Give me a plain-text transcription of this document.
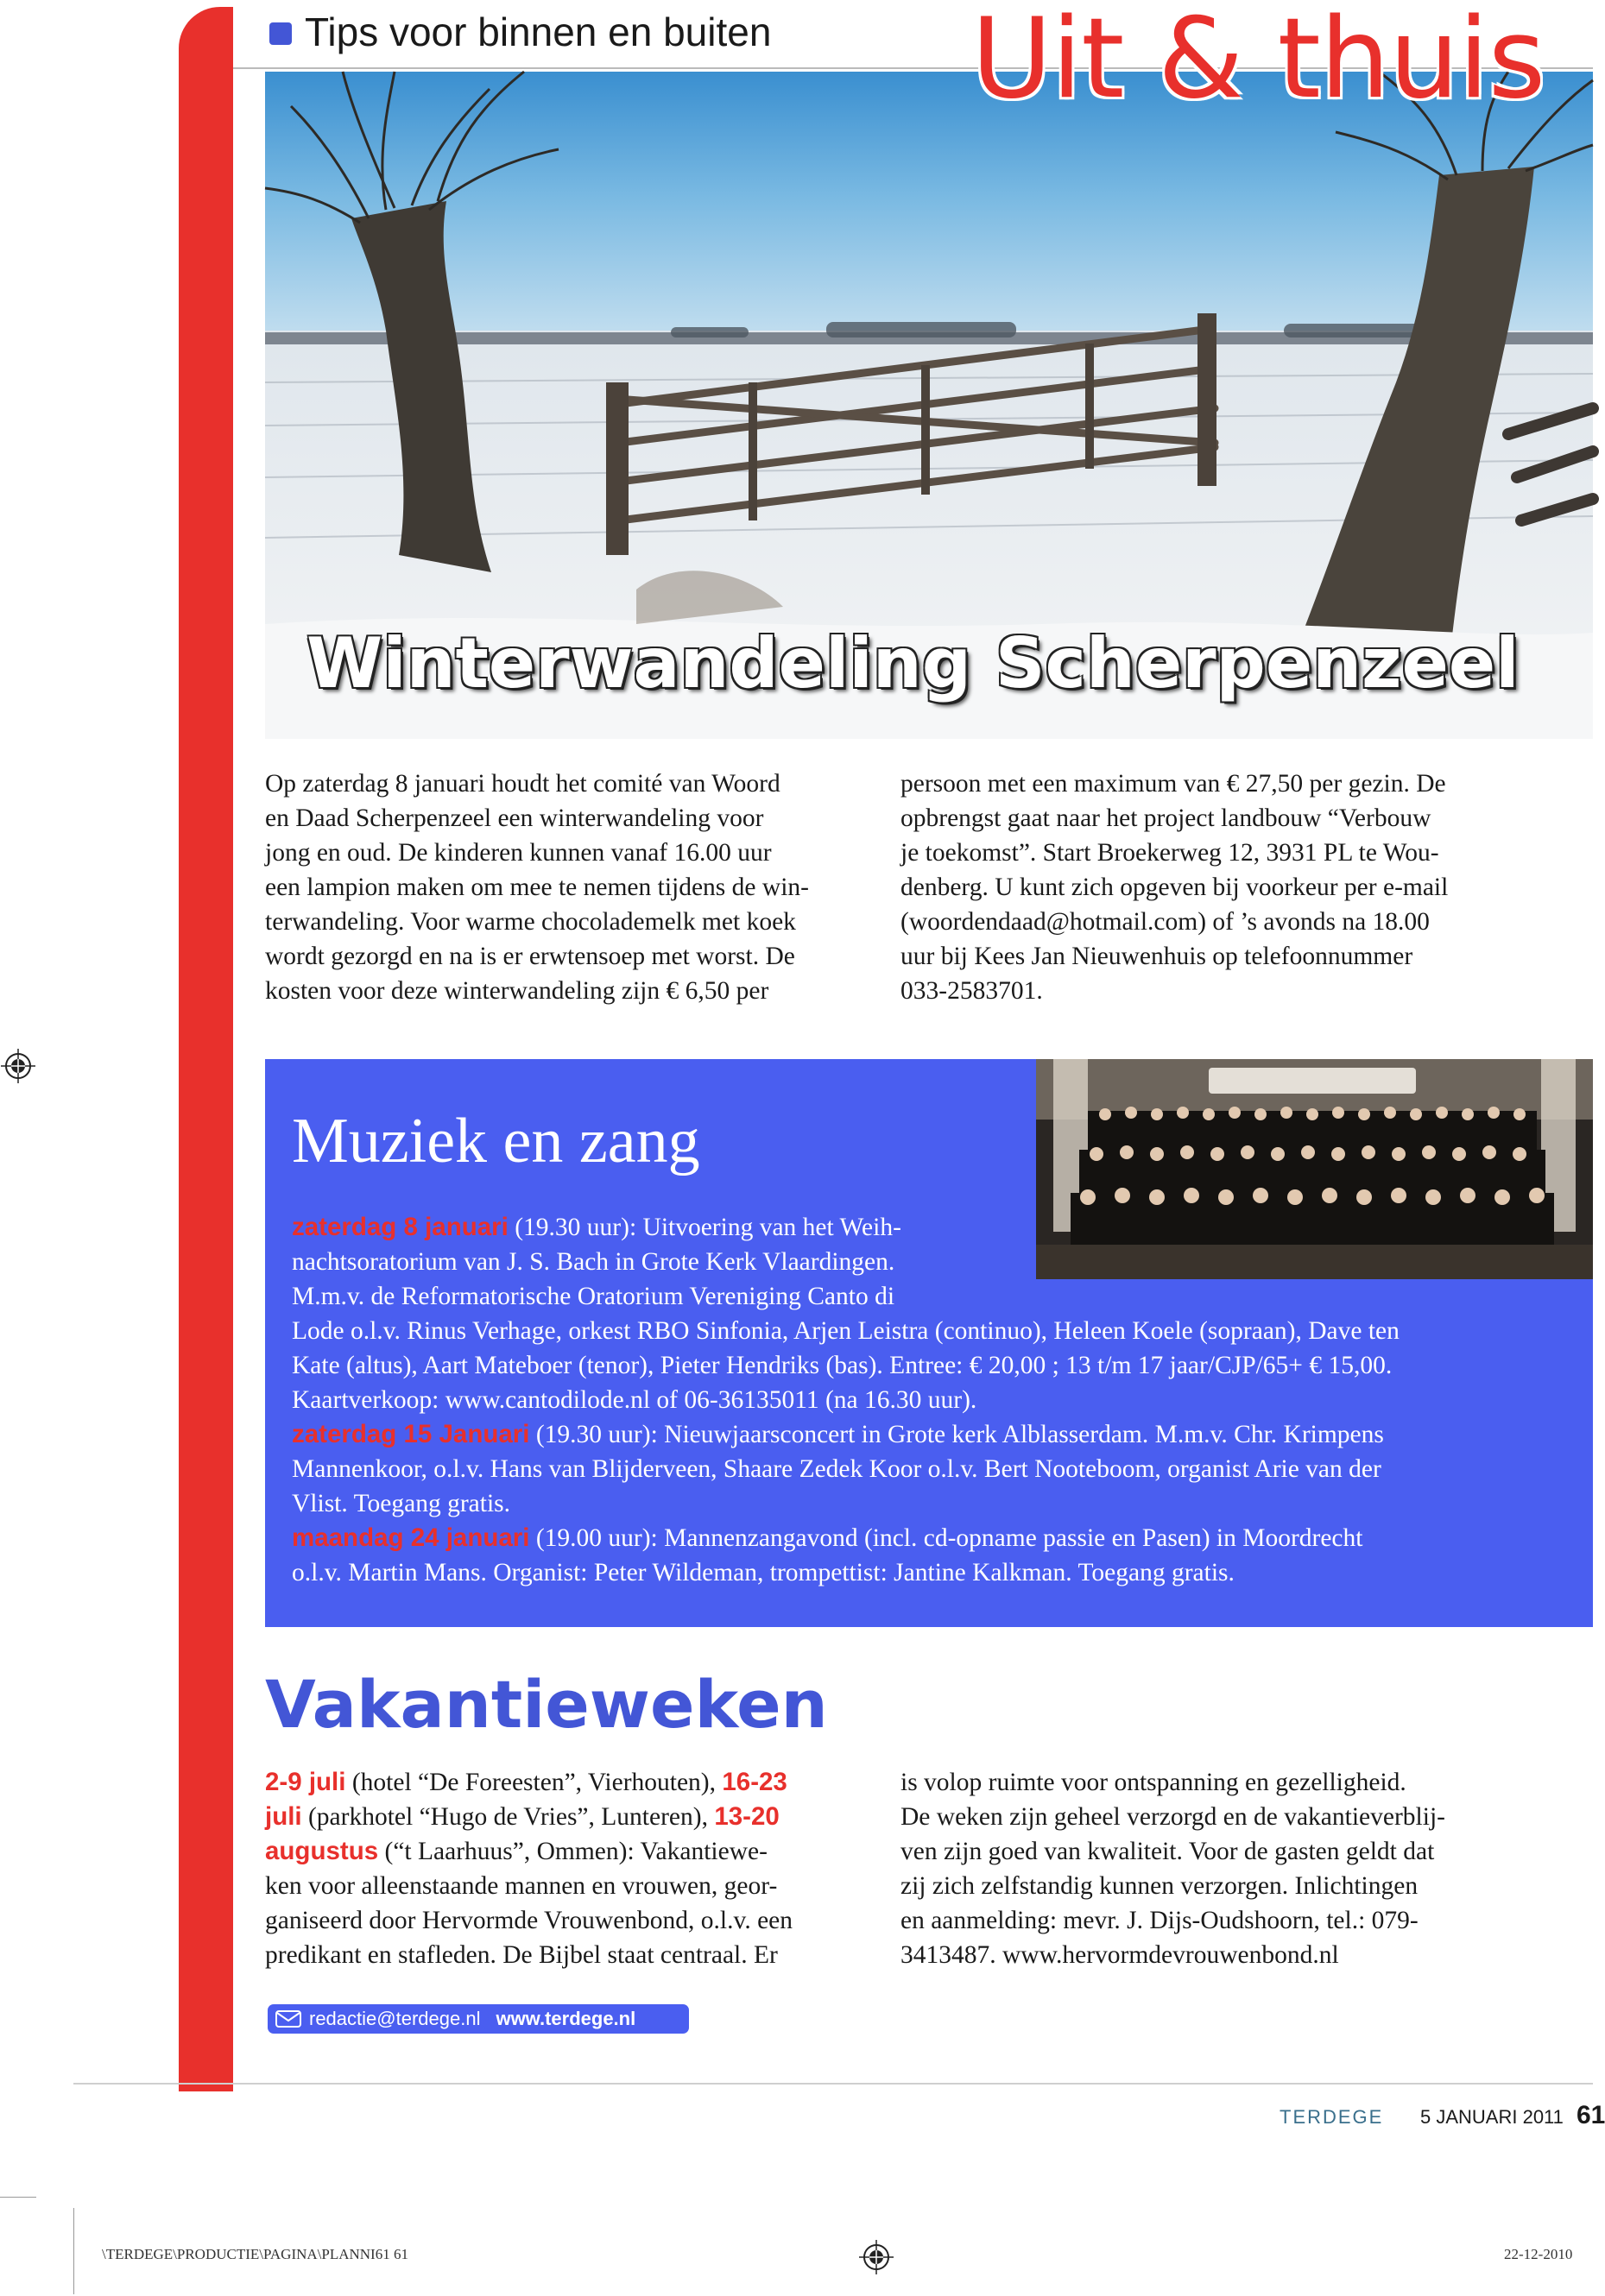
Tips voor binnen en buiten
Winterwandeling Scherpenzeel
Uit & thuis
Op zaterdag 8 januari houdt het comité van Woord
en Daad Scherpenzeel een winterwandeling voor
jong en oud. De kinderen kunnen vanaf 16.00 uur
een lampion maken om mee te nemen tijdens de win-
terwandeling. Voor warme chocolademelk met koek
wordt gezorgd en na is er erwtensoep met worst. De
kosten voor deze winterwandeling zijn € 6,50 per
persoon met een maximum van € 27,50 per gezin. De
opbrengst gaat naar het project landbouw “Verbouw
je toekomst”. Start Broekerweg 12, 3931 PL te Wou-
denberg. U kunt zich opgeven bij voorkeur per e-mail
(woordendaad@hotmail.com) of ’s avonds na 18.00
uur bij Kees Jan Nieuwenhuis op telefoonnummer
033-2583701.
Muziek en zang
zaterdag 8 januari (19.30 uur): Uitvoering van het Weih-
nachtsoratorium van J. S. Bach in Grote Kerk Vlaardingen.
M.m.v. de Reformatorische Oratorium Vereniging Canto di
Lode o.l.v. Rinus Verhage, orkest RBO Sinfonia, Arjen Leistra (continuo), Heleen Koele (sopraan), Dave ten
Kate (altus), Aart Mateboer (tenor), Pieter Hendriks (bas). Entree: € 20,00 ; 13 t/m 17 jaar/CJP/65+ € 15,00.
Kaartverkoop: www.cantodilode.nl of 06-36135011 (na 16.30 uur).
zaterdag 15 Januari (19.30 uur): Nieuwjaarsconcert in Grote kerk Alblasserdam. M.m.v. Chr. Krimpens
Mannenkoor, o.l.v. Hans van Blijderveen, Shaare Zedek Koor o.l.v. Bert Nooteboom, organist Arie van der
Vlist. Toegang gratis.
maandag 24 januari (19.00 uur): Mannenzangavond (incl. cd-opname passie en Pasen) in Moordrecht
o.l.v. Martin Mans. Organist: Peter Wildeman, trompettist: Jantine Kalkman. Toegang gratis.
Vakantieweken
2-9 juli (hotel “De Foreesten”, Vierhouten), 16-23
juli (parkhotel “Hugo de Vries”, Lunteren), 13-20
augustus (“t Laarhuus”, Ommen): Vakantiewe-
ken voor alleenstaande mannen en vrouwen, geor-
ganiseerd door Hervormde Vrouwenbond, o.l.v. een
predikant en stafleden. De Bijbel staat centraal. Er
is volop ruimte voor ontspanning en gezelligheid.
De weken zijn geheel verzorgd en de vakantieverblij-
ven zijn goed van kwaliteit. Voor de gasten geldt dat
zij zich zelfstandig kunnen verzorgen. Inlichtingen
en aanmelding: mevr. J. Dijs-Oudshoorn, tel.: 079-
3413487. www.hervormdevrouwenbond.nl
redactie@terdege.nl www.terdege.nl
TERDEGE 5 JANUARI 2011 61
\TERDEGE\PRODUCTIE\PAGINA\PLANNI61 61	22-12-2010
